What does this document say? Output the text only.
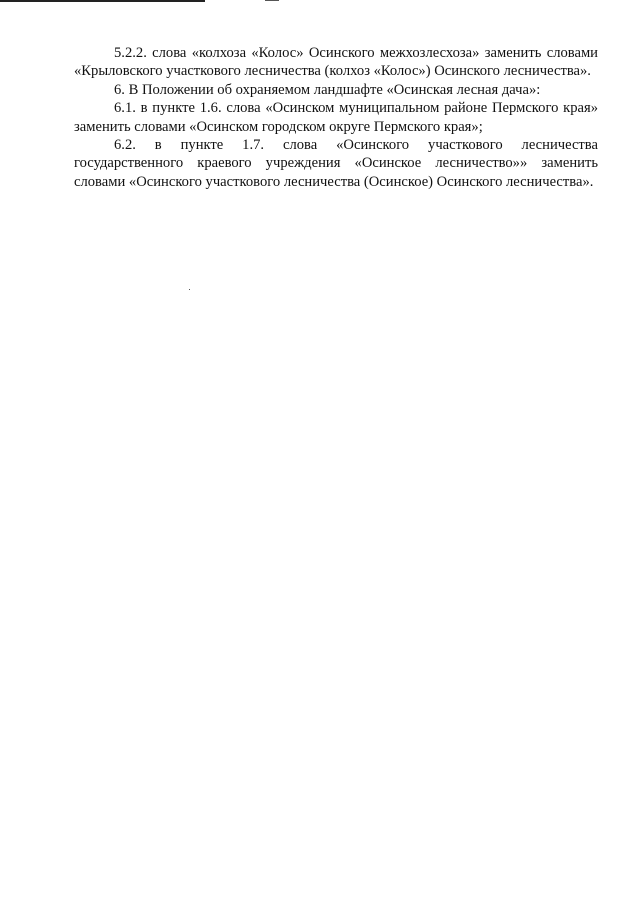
5.2.2. слова «колхоза «Колос» Осинского межхозлесхоза» заменить словами «Крыловского участкового лесничества (колхоз «Колос») Осинского лесничества».

6. В Положении об охраняемом ландшафте «Осинская лесная дача»:

6.1. в пункте 1.6. слова «Осинском муниципальном районе Пермского края» заменить словами «Осинском городском округе Пермского края»;

6.2. в пункте 1.7. слова «Осинского участкового лесничества государственного краевого учреждения «Осинское лесничество»» заменить словами «Осинского участкового лесничества (Осинское) Осинского лесничества».
